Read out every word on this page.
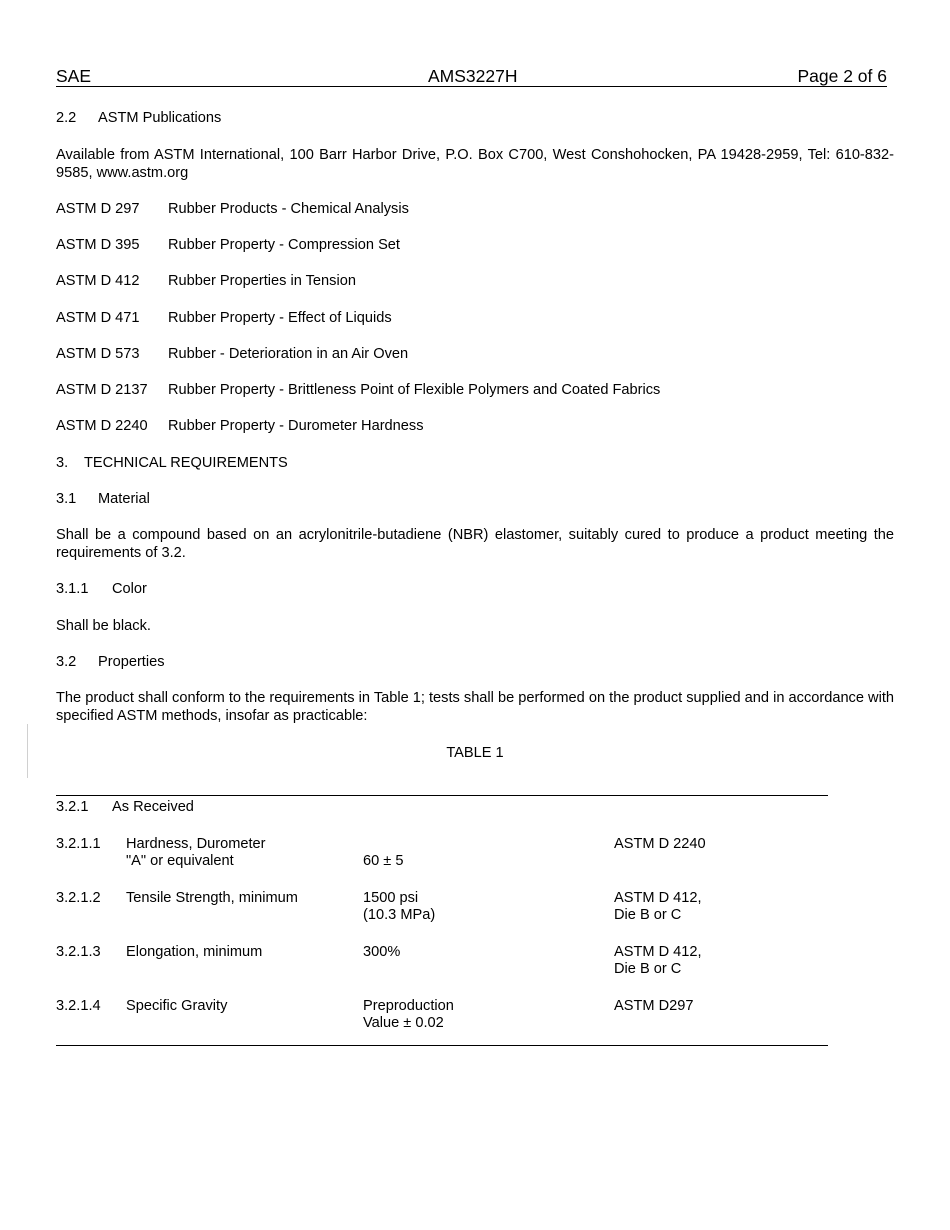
SAE	AMS3227H	Page 2 of 6
2.2 ASTM Publications
Available from ASTM International, 100 Barr Harbor Drive, P.O. Box C700, West Conshohocken, PA 19428-2959, Tel: 610-832-9585, www.astm.org
ASTM D 297 Rubber Products - Chemical Analysis
ASTM D 395 Rubber Property - Compression Set
ASTM D 412 Rubber Properties in Tension
ASTM D 471 Rubber Property - Effect of Liquids
ASTM D 573 Rubber - Deterioration in an Air Oven
ASTM D 2137 Rubber Property - Brittleness Point of Flexible Polymers and Coated Fabrics
ASTM D 2240 Rubber Property - Durometer Hardness
3. TECHNICAL REQUIREMENTS
3.1 Material
Shall be a compound based on an acrylonitrile-butadiene (NBR) elastomer, suitably cured to produce a product meeting the requirements of 3.2.
3.1.1 Color
Shall be black.
3.2 Properties
The product shall conform to the requirements in Table 1; tests shall be performed on the product supplied and in accordance with specified ASTM methods, insofar as practicable:
TABLE 1
3.2.1 As Received
3.2.1.1 Hardness, Durometer
"A" or equivalent	60 ± 5
ASTM D 2240
3.2.1.2 Tensile Strength, minimum	1500 psi
(10.3 MPa)
ASTM D 412,
Die B or C
3.2.1.3 Elongation, minimum	300%	ASTM D 412,
Die B or C
3.2.1.4 Specific Gravity	Preproduction
Value ± 0.02
ASTM D297
